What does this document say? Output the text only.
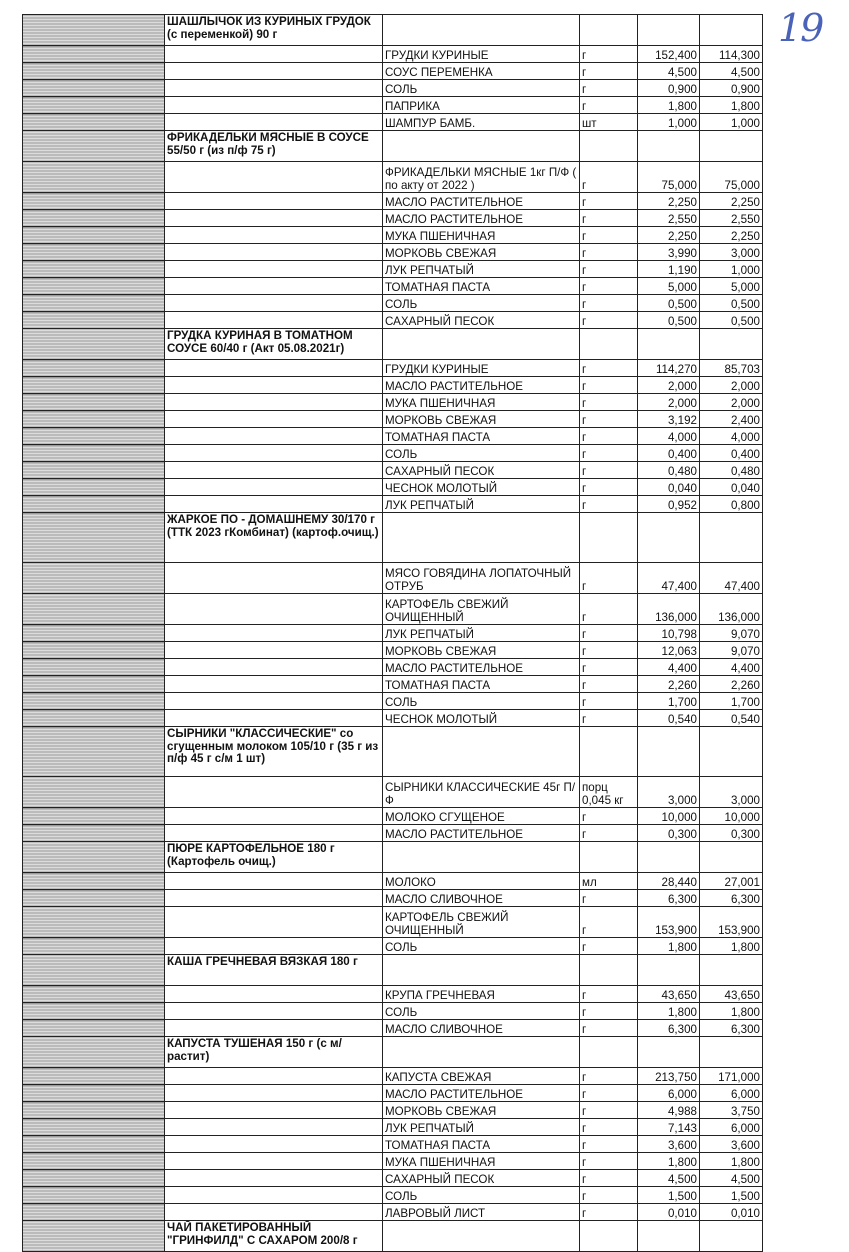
19
	ШАШЛЫЧОК ИЗ КУРИНЫХ ГРУДОК (с переменкой) 90 г				
		ГРУДКИ КУРИНЫЕ	г	152,400	114,300
		СОУС ПЕРЕМЕНКА	г	4,500	4,500
		СОЛЬ	г	0,900	0,900
		ПАПРИКА	г	1,800	1,800
		ШАМПУР БАМБ.	шт	1,000	1,000
	ФРИКАДЕЛЬКИ МЯСНЫЕ В СОУСЕ 55/50 г (из п/ф 75 г)				
		ФРИКАДЕЛЬКИ МЯСНЫЕ 1кг П/Ф ( по акту от 2022 )	г	75,000	75,000
		МАСЛО РАСТИТЕЛЬНОЕ	г	2,250	2,250
		МАСЛО РАСТИТЕЛЬНОЕ	г	2,550	2,550
		МУКА ПШЕНИЧНАЯ	г	2,250	2,250
		МОРКОВЬ СВЕЖАЯ	г	3,990	3,000
		ЛУК РЕПЧАТЫЙ	г	1,190	1,000
		ТОМАТНАЯ ПАСТА	г	5,000	5,000
		СОЛЬ	г	0,500	0,500
		САХАРНЫЙ ПЕСОК	г	0,500	0,500
	ГРУДКА КУРИНАЯ В ТОМАТНОМ СОУСЕ 60/40 г (Акт 05.08.2021г)				
		ГРУДКИ КУРИНЫЕ	г	114,270	85,703
		МАСЛО РАСТИТЕЛЬНОЕ	г	2,000	2,000
		МУКА ПШЕНИЧНАЯ	г	2,000	2,000
		МОРКОВЬ СВЕЖАЯ	г	3,192	2,400
		ТОМАТНАЯ ПАСТА	г	4,000	4,000
		СОЛЬ	г	0,400	0,400
		САХАРНЫЙ ПЕСОК	г	0,480	0,480
		ЧЕСНОК МОЛОТЫЙ	г	0,040	0,040
		ЛУК РЕПЧАТЫЙ	г	0,952	0,800
	ЖАРКОЕ ПО - ДОМАШНЕМУ 30/170 г (ТТК 2023 гКомбинат) (картоф.очищ.)				
		МЯСО ГОВЯДИНА ЛОПАТОЧНЫЙ ОТРУБ	г	47,400	47,400
		КАРТОФЕЛЬ СВЕЖИЙ ОЧИЩЕННЫЙ	г	136,000	136,000
		ЛУК РЕПЧАТЫЙ	г	10,798	9,070
		МОРКОВЬ СВЕЖАЯ	г	12,063	9,070
		МАСЛО РАСТИТЕЛЬНОЕ	г	4,400	4,400
		ТОМАТНАЯ ПАСТА	г	2,260	2,260
		СОЛЬ	г	1,700	1,700
		ЧЕСНОК МОЛОТЫЙ	г	0,540	0,540
	СЫРНИКИ "КЛАССИЧЕСКИЕ" со сгущенным молоком 105/10 г (35 г из п/ф 45 г с/м 1 шт)				
		СЫРНИКИ КЛАССИЧЕСКИЕ 45г П/Ф	порц 0,045 кг	3,000	3,000
		МОЛОКО СГУЩЕНОЕ	г	10,000	10,000
		МАСЛО РАСТИТЕЛЬНОЕ	г	0,300	0,300
	ПЮРЕ КАРТОФЕЛЬНОЕ 180 г (Картофель очищ.)				
		МОЛОКО	мл	28,440	27,001
		МАСЛО СЛИВОЧНОЕ	г	6,300	6,300
		КАРТОФЕЛЬ СВЕЖИЙ ОЧИЩЕННЫЙ	г	153,900	153,900
		СОЛЬ	г	1,800	1,800
	КАША ГРЕЧНЕВАЯ ВЯЗКАЯ 180 г				
		КРУПА ГРЕЧНЕВАЯ	г	43,650	43,650
		СОЛЬ	г	1,800	1,800
		МАСЛО СЛИВОЧНОЕ	г	6,300	6,300
	КАПУСТА ТУШЕНАЯ 150 г (с м/растит)				
		КАПУСТА СВЕЖАЯ	г	213,750	171,000
		МАСЛО РАСТИТЕЛЬНОЕ	г	6,000	6,000
		МОРКОВЬ СВЕЖАЯ	г	4,988	3,750
		ЛУК РЕПЧАТЫЙ	г	7,143	6,000
		ТОМАТНАЯ ПАСТА	г	3,600	3,600
		МУКА ПШЕНИЧНАЯ	г	1,800	1,800
		САХАРНЫЙ ПЕСОК	г	4,500	4,500
		СОЛЬ	г	1,500	1,500
		ЛАВРОВЫЙ ЛИСТ	г	0,010	0,010
	ЧАЙ ПАКЕТИРОВАННЫЙ "ГРИНФИЛД" С САХАРОМ 200/8 г				
